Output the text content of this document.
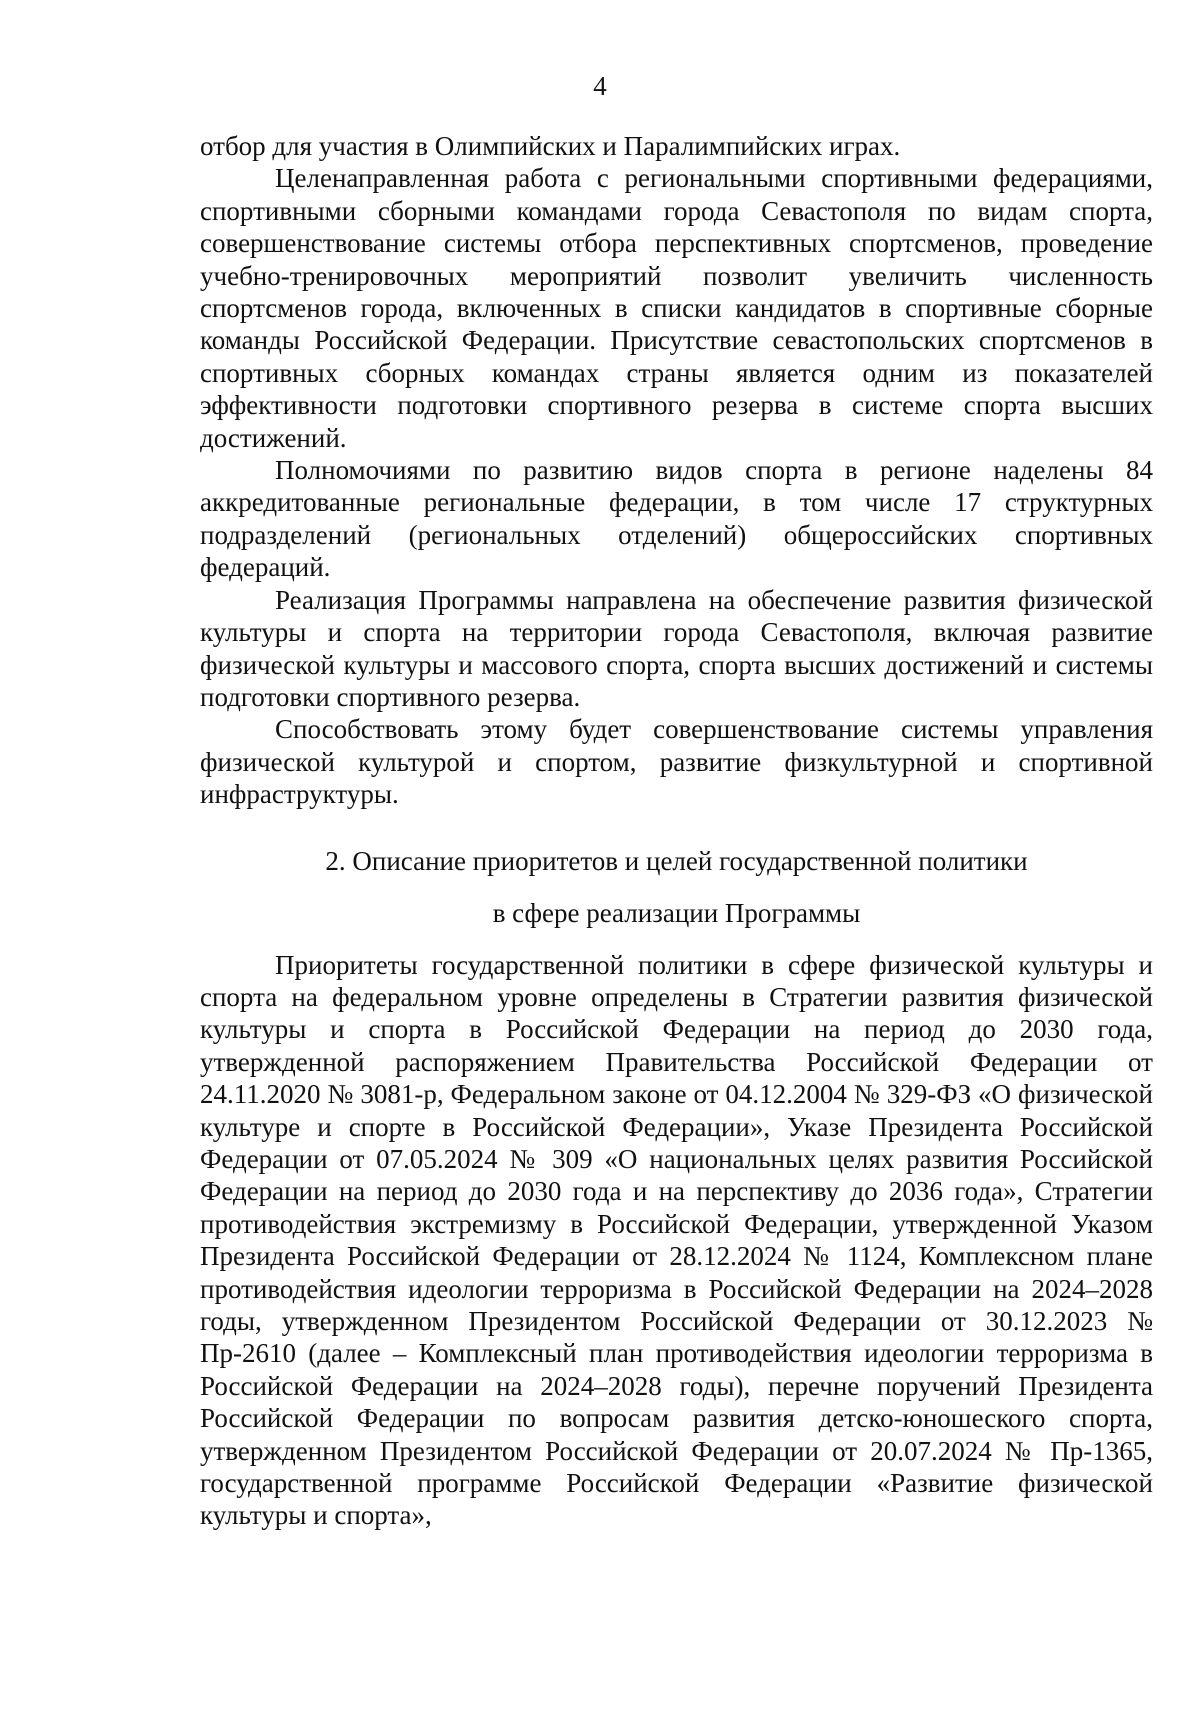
4

отбор для участия в Олимпийских и Паралимпийских играх.

Целенаправленная работа с региональными спортивными федерациями, спортивными сборными командами города Севастополя по видам спорта, совершенствование системы отбора перспективных спортсменов, проведение учебно-тренировочных мероприятий позволит увеличить численность спортсменов города, включенных в списки кандидатов в спортивные сборные команды Российской Федерации. Присутствие севастопольских спортсменов в спортивных сборных командах страны является одним из показателей эффективности подготовки спортивного резерва в системе спорта высших достижений.

Полномочиями по развитию видов спорта в регионе наделены 84 аккредитованные региональные федерации, в том числе 17 структурных подразделений (региональных отделений) общероссийских спортивных федераций.

Реализация Программы направлена на обеспечение развития физической культуры и спорта на территории города Севастополя, включая развитие физической культуры и массового спорта, спорта высших достижений и системы подготовки спортивного резерва.

Способствовать этому будет совершенствование системы управления физической культурой и спортом, развитие физкультурной и спортивной инфраструктуры.

2. Описание приоритетов и целей государственной политики

в сфере реализации Программы

Приоритеты государственной политики в сфере физической культуры и спорта на федеральном уровне определены в Стратегии развития физической культуры и спорта в Российской Федерации на период до 2030 года, утвержденной распоряжением Правительства Российской Федерации от 24.11.2020 № 3081-р, Федеральном законе от 04.12.2004 № 329-ФЗ «О физической культуре и спорте в Российской Федерации», Указе Президента Российской Федерации от 07.05.2024 № 309 «О национальных целях развития Российской Федерации на период до 2030 года и на перспективу до 2036 года», Стратегии противодействия экстремизму в Российской Федерации, утвержденной Указом Президента Российской Федерации от 28.12.2024 № 1124, Комплексном плане противодействия идеологии терроризма в Российской Федерации на 2024–2028 годы, утвержденном Президентом Российской Федерации от 30.12.2023 № Пр-2610 (далее – Комплексный план противодействия идеологии терроризма в Российской Федерации на 2024–2028 годы), перечне поручений Президента Российской Федерации по вопросам развития детско-юношеского спорта, утвержденном Президентом Российской Федерации от 20.07.2024 № Пр-1365, государственной программе Российской Федерации «Развитие физической культуры и спорта»,
